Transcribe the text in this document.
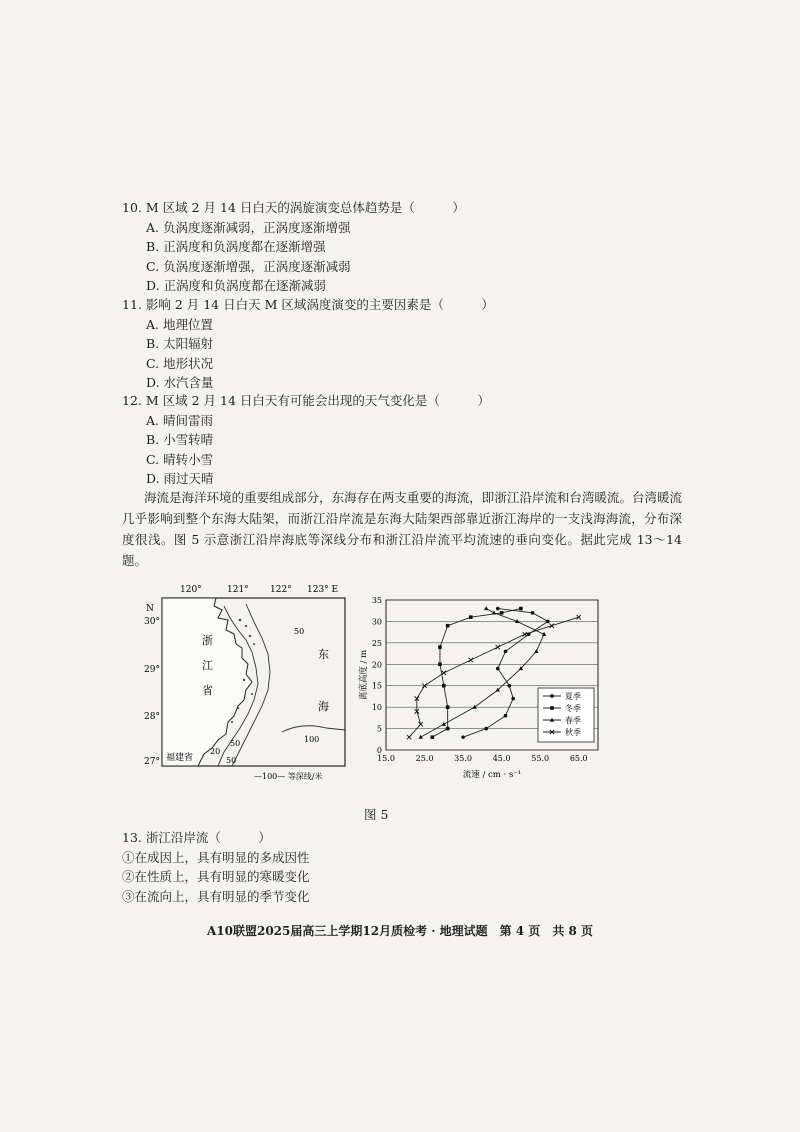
10. M 区域 2 月 14 日白天的涡旋演变总体趋势是（　　　）
A. 负涡度逐渐减弱，正涡度逐渐增强
B. 正涡度和负涡度都在逐渐增强
C. 负涡度逐渐增强，正涡度逐渐减弱
D. 正涡度和负涡度都在逐渐减弱
11. 影响 2 月 14 日白天 M 区域涡度演变的主要因素是（　　　）
A. 地理位置
B. 太阳辐射
C. 地形状况
D. 水汽含量
12. M 区域 2 月 14 日白天有可能会出现的天气变化是（　　　）
A. 晴间雷雨
B. 小雪转晴
C. 晴转小雪
D. 雨过天晴
海流是海洋环境的重要组成部分，东海存在两支重要的海流，即浙江沿岸流和台湾暖流。台湾暖流几乎影响到整个东海大陆架，而浙江沿岸流是东海大陆架西部靠近浙江海岸的一支浅海海流，分布深度很浅。图 5 示意浙江沿岸海底等深线分布和浙江沿岸流平均流速的垂向变化。据此完成 13～14 题。
120°	121° 122° 123° E
N
30°
29°
28°
27°
浙
江
省
东
海
福建省
50
20
50
50
100
—100— 等深线/米
0
5
10
15
20
25
30
35
15.0	25.0	35.0	45.0	55.0	65.0
流速 / cm · s⁻¹
离底高度 / m	夏季
冬季
春季
秋季
图 5
13. 浙江沿岸流（　　　）
①在成因上，具有明显的多成因性
②在性质上，具有明显的寒暖变化
③在流向上，具有明显的季节变化
A10联盟2025届高三上学期12月质检考 · 地理试题　第 4 页　共 8 页
